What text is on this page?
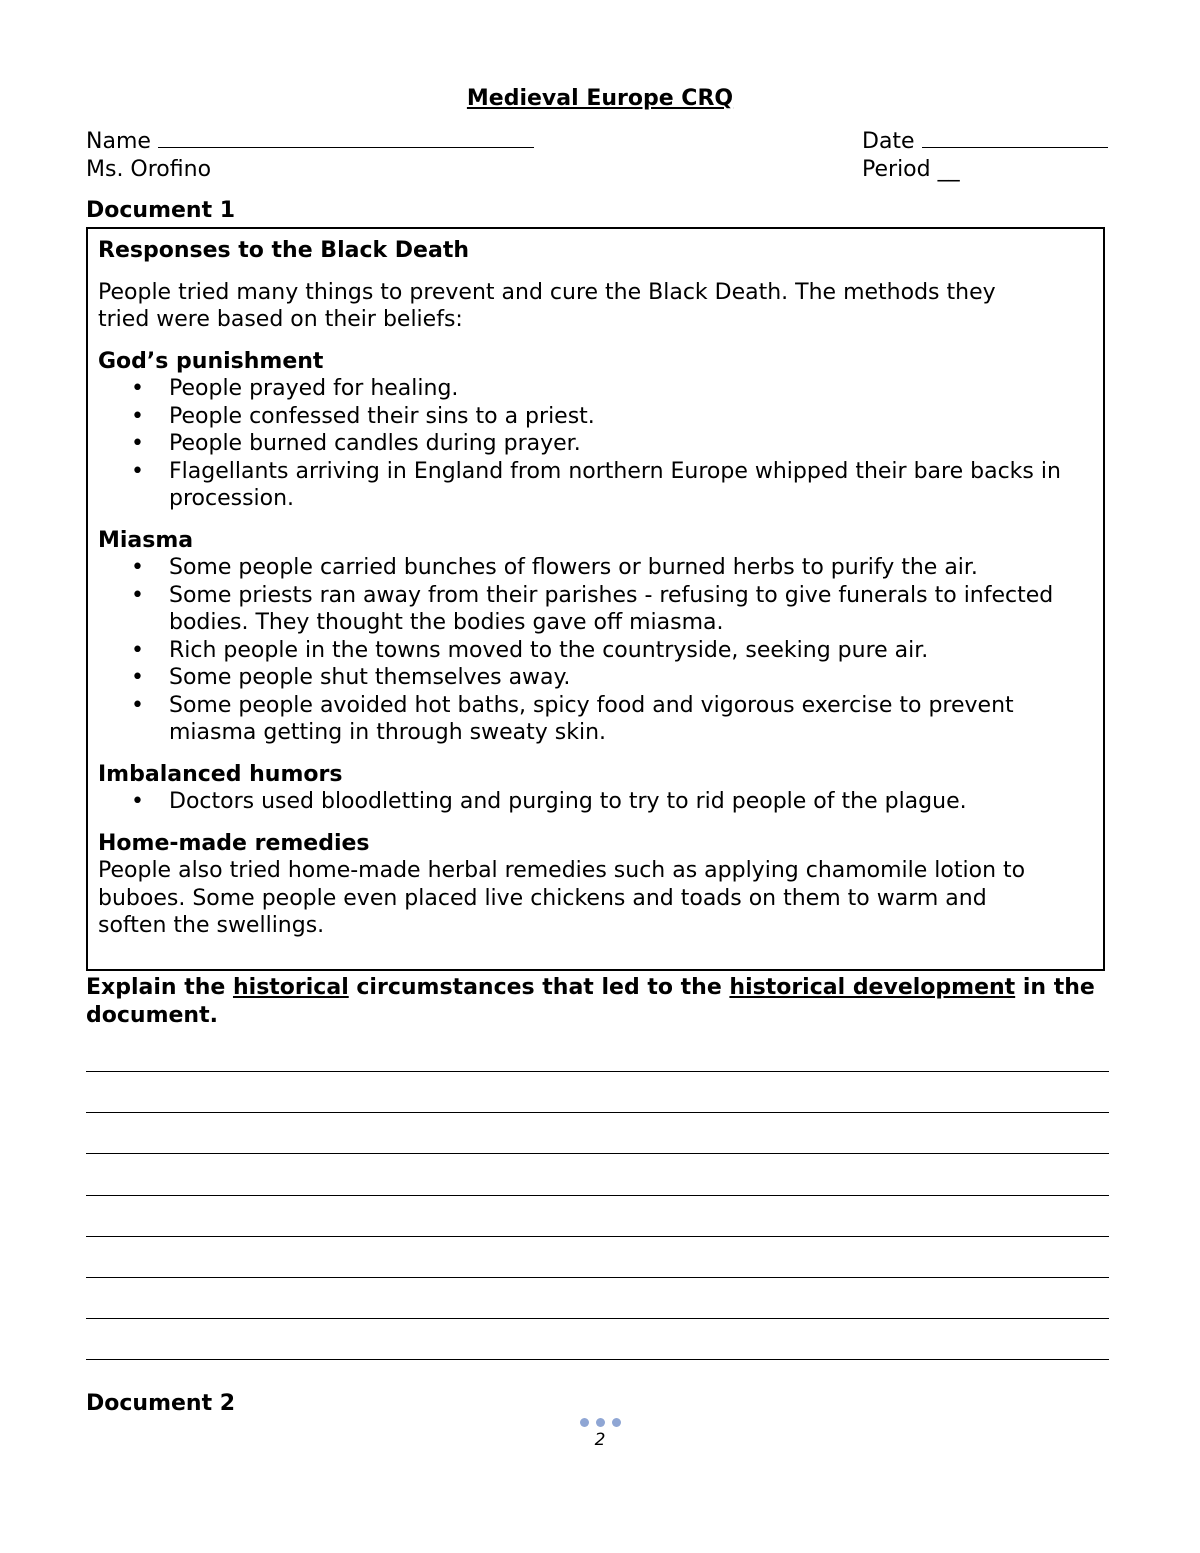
Medieval Europe CRQ
Name
Ms. Orofino
Date
Period __
Document 1

Responses to the Black Death

People tried many things to prevent and cure the Black Death. The methods they

tried were based on their beliefs:

God’s punishment

• People prayed for healing.
• People confessed their sins to a priest.
• People burned candles during prayer.
• Flagellants arriving in England from northern Europe whipped their bare backs in procession.

Miasma

• Some people carried bunches of flowers or burned herbs to purify the air.
• Some priests ran away from their parishes - refusing to give funerals to infected bodies. They thought the bodies gave off miasma.
• Rich people in the towns moved to the countryside, seeking pure air.
• Some people shut themselves away.
• Some people avoided hot baths, spicy food and vigorous exercise to prevent miasma getting in through sweaty skin.

Imbalanced humors

• Doctors used bloodletting and purging to try to rid people of the plague.

Home-made remedies

People also tried home-made herbal remedies such as applying chamomile lotion to

buboes. Some people even placed live chickens and toads on them to warm and

soften the swellings.

Explain the historical circumstances that led to the historical development in the document.
Document 2
2
